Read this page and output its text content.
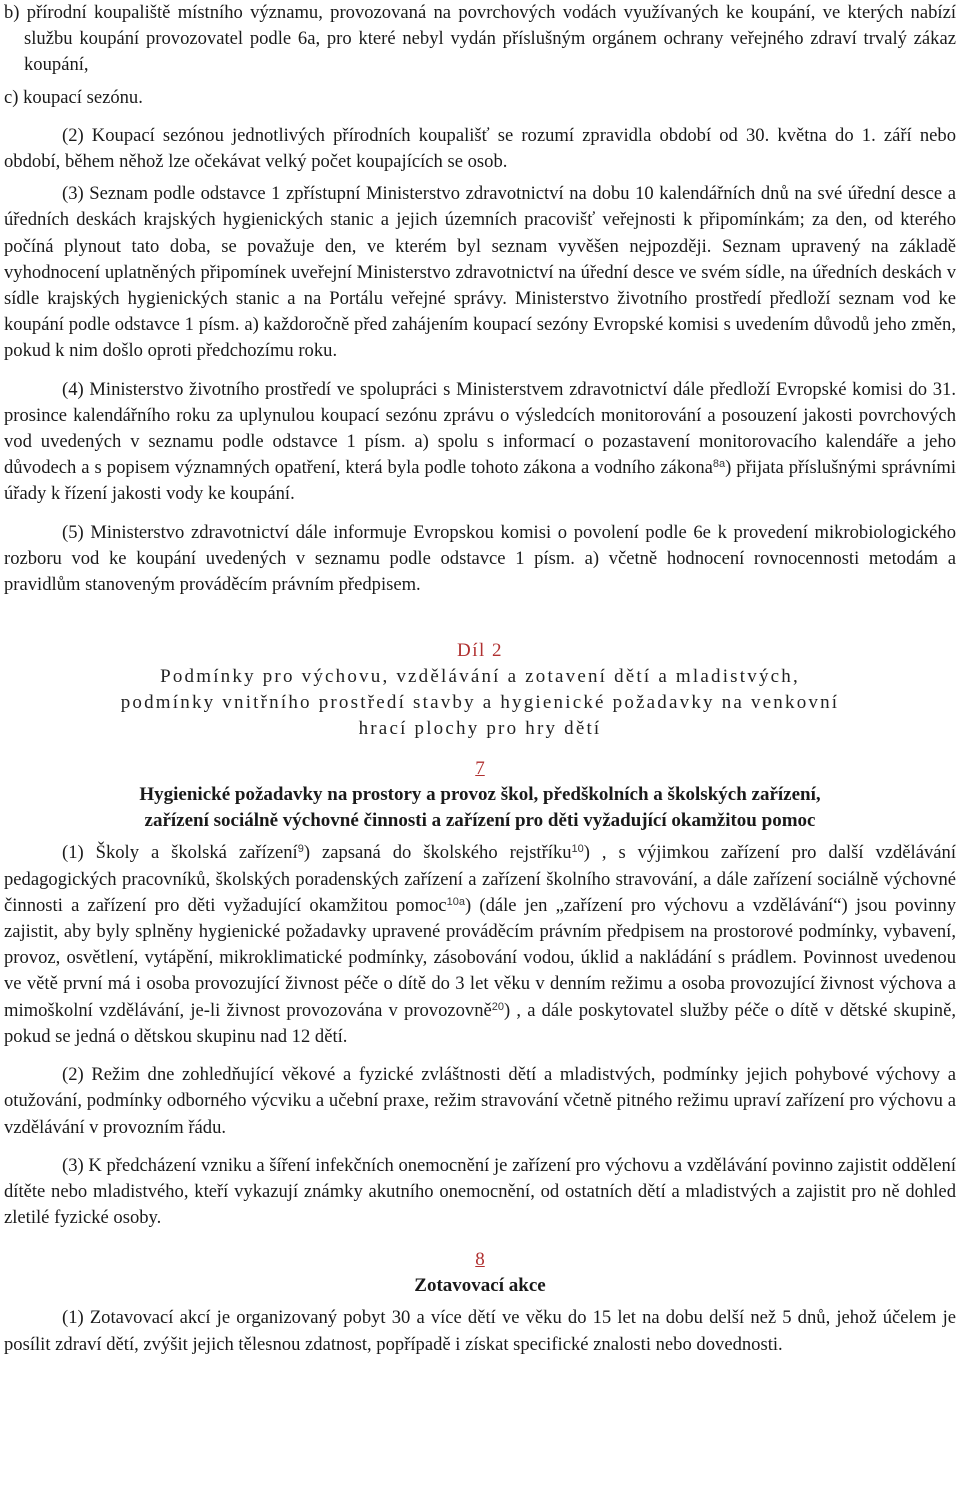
b) přírodní koupaliště místního významu, provozovaná na povrchových vodách využívaných ke koupání, ve kterých nabízí službu koupání provozovatel podle 6a, pro které nebyl vydán příslušným orgánem ochrany veřejného zdraví trvalý zákaz koupání,

c) koupací sezónu.

(2) Koupací sezónou jednotlivých přírodních koupališť se rozumí zpravidla období od 30. května do 1. září nebo období, během něhož lze očekávat velký počet koupajících se osob.

(3) Seznam podle odstavce 1 zpřístupní Ministerstvo zdravotnictví na dobu 10 kalendářních dnů na své úřední desce a úředních deskách krajských hygienických stanic a jejich územních pracovišť veřejnosti k připomínkám; za den, od kterého počíná plynout tato doba, se považuje den, ve kterém byl seznam vyvěšen nejpozději. Seznam upravený na základě vyhodnocení uplatněných připomínek uveřejní Ministerstvo zdravotnictví na úřední desce ve svém sídle, na úředních deskách v sídle krajských hygienických stanic a na Portálu veřejné správy. Ministerstvo životního prostředí předloží seznam vod ke koupání podle odstavce 1 písm. a) každoročně před zahájením koupací sezóny Evropské komisi s uvedením důvodů jeho změn, pokud k nim došlo oproti předchozímu roku.

(4) Ministerstvo životního prostředí ve spolupráci s Ministerstvem zdravotnictví dále předloží Evropské komisi do 31. prosince kalendářního roku za uplynulou koupací sezónu zprávu o výsledcích monitorování a posouzení jakosti povrchových vod uvedených v seznamu podle odstavce 1 písm. a) spolu s informací o pozastavení monitorovacího kalendáře a jeho důvodech a s popisem významných opatření, která byla podle tohoto zákona a vodního zákona$^{8a}$) přijata příslušnými správními úřady k řízení jakosti vody ke koupání.

(5) Ministerstvo zdravotnictví dále informuje Evropskou komisi o povolení podle 6e k provedení mikrobiologického rozboru vod ke koupání uvedených v seznamu podle odstavce 1 písm. a) včetně hodnocení rovnocennosti metodám a pravidlům stanoveným prováděcím právním předpisem.

Díl 2

Podmínky pro výchovu, vzdělávání a zotavení dětí a mladistvých,

podmínky vnitřního prostředí stavby a hygienické požadavky na venkovní

hrací plochy pro hry dětí

7

Hygienické požadavky na prostory a provoz škol, předškolních a školských zařízení,

zařízení sociálně výchovné činnosti a zařízení pro děti vyžadující okamžitou pomoc

(1) Školy a školská zařízení$^9$) zapsaná do školského rejstříku$^{10}$) , s výjimkou zařízení pro další vzdělávání pedagogických pracovníků, školských poradenských zařízení a zařízení školního stravování, a dále zařízení sociálně výchovné činnosti a zařízení pro děti vyžadující okamžitou pomoc$^{10a}$) (dále jen „zařízení pro výchovu a vzdělávání“) jsou povinny zajistit, aby byly splněny hygienické požadavky upravené prováděcím právním předpisem na prostorové podmínky, vybavení, provoz, osvětlení, vytápění, mikroklimatické podmínky, zásobování vodou, úklid a nakládání s prádlem. Povinnost uvedenou ve větě první má i osoba provozující živnost péče o dítě do 3 let věku v denním režimu a osoba provozující živnost výchova a mimoškolní vzdělávání, je-li živnost provozována v provozovně$^{20}$) , a dále poskytovatel služby péče o dítě v dětské skupině, pokud se jedná o dětskou skupinu nad 12 dětí.

(2) Režim dne zohledňující věkové a fyzické zvláštnosti dětí a mladistvých, podmínky jejich pohybové výchovy a otužování, podmínky odborného výcviku a učební praxe, režim stravování včetně pitného režimu upraví zařízení pro výchovu a vzdělávání v provozním řádu.

(3) K předcházení vzniku a šíření infekčních onemocnění je zařízení pro výchovu a vzdělávání povinno zajistit oddělení dítěte nebo mladistvého, kteří vykazují známky akutního onemocnění, od ostatních dětí a mladistvých a zajistit pro ně dohled zletilé fyzické osoby.

8

Zotavovací akce

(1) Zotavovací akcí je organizovaný pobyt 30 a více dětí ve věku do 15 let na dobu delší než 5 dnů, jehož účelem je posílit zdraví dětí, zvýšit jejich tělesnou zdatnost, popřípadě i získat specifické znalosti nebo dovednosti.
